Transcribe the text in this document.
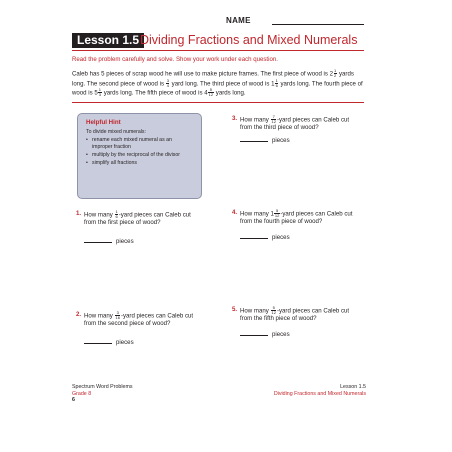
NAME
Lesson 1.5 Dividing Fractions and Mixed Numerals
Read the problem carefully and solve. Show your work under each question.
Caleb has 5 pieces of scrap wood he will use to make picture frames. The first piece of wood is $2 \frac{1}{2}$ yards long. The second piece of wood is $\frac{3}{4}$ yard long. The third piece of wood is $1 \frac{1}{6}$ yards long. The fourth piece of wood is $5 \frac{1}{3}$ yards long. The fifth piece of wood is $4 \frac{5}{12}$ yards long.
Helpful Hint
To divide mixed numerals:
• rename each mixed numeral as an improper fraction
• multiply by the reciprocal of the divisor
• simplify all fractions
1. How many $\frac{1}{6}$ -yard pieces can Caleb cut from the first piece of wood?
pieces
2. How many $\frac{3}{16}$ -yard pieces can Caleb cut from the second piece of wood?
pieces
3. How many $\frac{7}{12}$ -yard pieces can Caleb cut from the third piece of wood?
pieces
4. How many $1 \frac{5}{12}$ -yard pieces can Caleb cut from the fourth piece of wood?
pieces
5. How many $\frac{5}{12}$ -yard pieces can Caleb cut from the fifth piece of wood?
pieces
Spectrum Word Problems
Grade 8
6
Lesson 1.5
Dividing Fractions and Mixed Numerals
